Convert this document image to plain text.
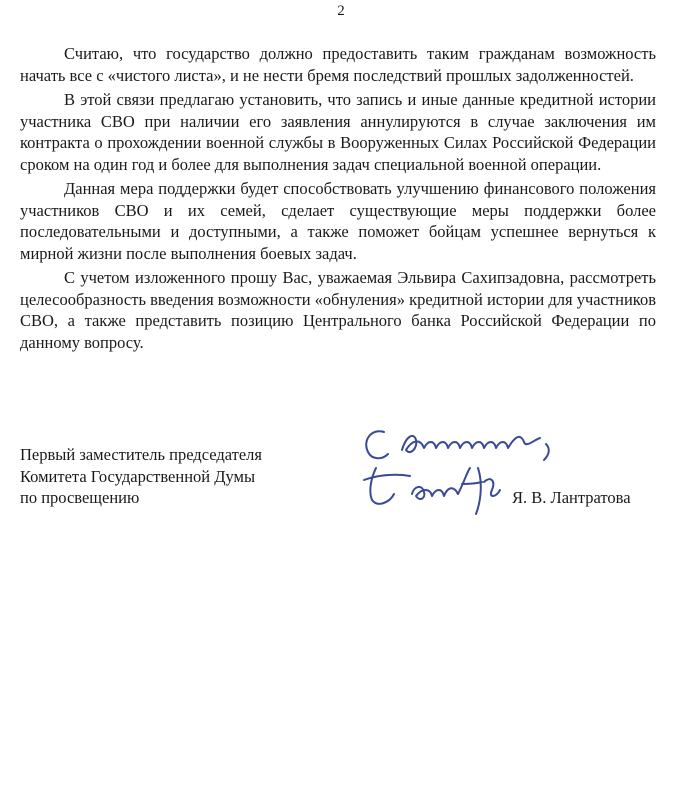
2

Считаю, что государство должно предоставить таким гражданам возможность начать все с «чистого листа», и не нести бремя последствий прошлых задолженностей.

В этой связи предлагаю установить, что запись и иные данные кредитной истории участника СВО при наличии его заявления аннулируются в случае заключения им контракта о прохождении военной службы в Вооруженных Силах Российской Федерации сроком на один год и более для выполнения задач специальной военной операции.

Данная мера поддержки будет способствовать улучшению финансового положения участников СВО и их семей, сделает существующие меры поддержки более последовательными и доступными, а также поможет бойцам успешнее вернуться к мирной жизни после выполнения боевых задач.

С учетом изложенного прошу Вас, уважаемая Эльвира Сахипзадовна, рассмотреть целесообразность введения возможности «обнуления» кредитной истории для участников СВО, а также представить позицию Центрального банка Российской Федерации по данному вопросу.

Первый заместитель председателя
Комитета Государственной Думы
по просвещению	Я. В. Лантратова
